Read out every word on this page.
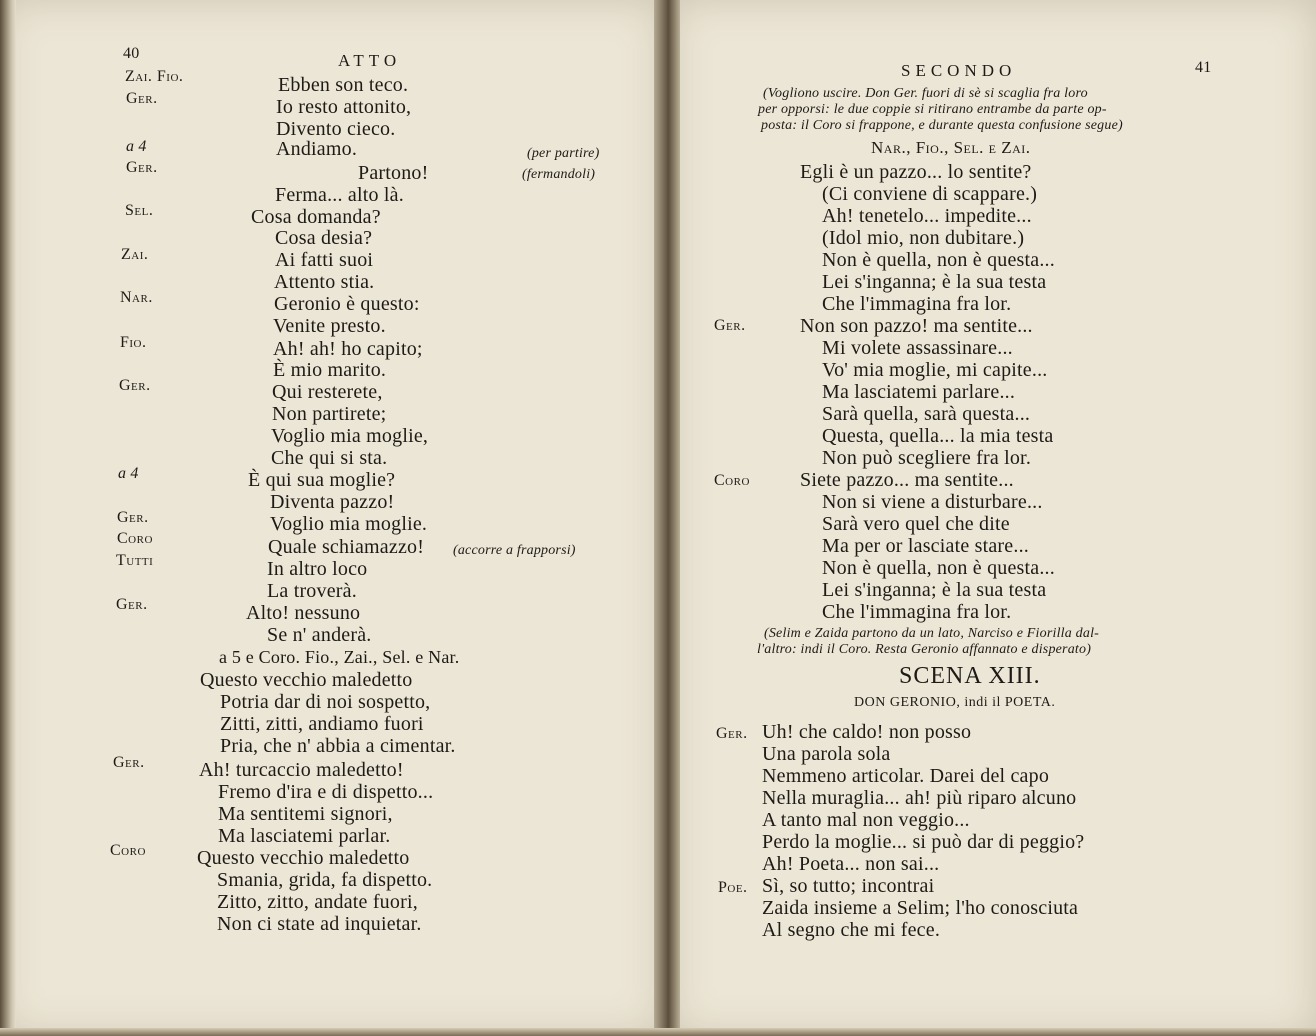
40	ATTO
Zai. Fio.	Ebben son teco.
Ger.	Io resto attonito,
Divento cieco.
a 4	Andiamo.	(per partire)
Ger.	Partono!	(fermandoli)
Ferma... alto là.
Sel.	Cosa domanda?
Cosa desia?
Zai.	Ai fatti suoi
Attento stia.
Nar.	Geronio è questo:
Venite presto.
Fio.	Ah! ah! ho capito;
È mio marito.
Ger.	Qui resterete,
Non partirete;
Voglio mia moglie,
Che qui si sta.
a 4	È qui sua moglie?
Diventa pazzo!
Ger.	Voglio mia moglie.
Coro	Quale schiamazzo! (accorre a frapporsi)
Tutti	In altro loco
La troverà.
Ger.	Alto! nessuno
Se n' anderà.
a 5 e Coro. Fio., Zai., Sel. e Nar.
Questo vecchio maledetto
Potria dar di noi sospetto,
Zitti, zitti, andiamo fuori
Pria, che n' abbia a cimentar.
Ger.	Ah! turcaccio maledetto!
Fremo d'ira e di dispetto...
Ma sentitemi signori,
Ma lasciatemi parlar.
Coro	Questo vecchio maledetto
Smania, grida, fa dispetto.
Zitto, zitto, andate fuori,
Non ci state ad inquietar.
SECONDO	41
(Vogliono uscire. Don Ger. fuori di sè si scaglia fra loro
per opporsi: le due coppie si ritirano entrambe da parte op-
posta: il Coro si frappone, e durante questa confusione segue)
Nar., Fio., Sel. e Zai.
Egli è un pazzo... lo sentite?
(Ci conviene di scappare.)
Ah! tenetelo... impedite...
(Idol mio, non dubitare.)
Non è quella, non è questa...
Lei s'inganna; è la sua testa
Che l'immagina fra lor.
Ger.	Non son pazzo! ma sentite...
Mi volete assassinare...
Vo' mia moglie, mi capite...
Ma lasciatemi parlare...
Sarà quella, sarà questa...
Questa, quella... la mia testa
Non può scegliere fra lor.
Coro	Siete pazzo... ma sentite...
Non si viene a disturbare...
Sarà vero quel che dite
Ma per or lasciate stare...
Non è quella, non è questa...
Lei s'inganna; è la sua testa
Che l'immagina fra lor.
(Selim e Zaida partono da un lato, Narciso e Fiorilla dal-
l'altro: indi il Coro. Resta Geronio affannato e disperato)
SCENA XIII.
DON GERONIO, indi il POETA.
Ger. Uh! che caldo! non posso
Una parola sola
Nemmeno articolar. Darei del capo
Nella muraglia... ah! più riparo alcuno
A tanto mal non veggio...
Perdo la moglie... si può dar di peggio?
Ah! Poeta... non sai...
Poe. Sì, so tutto; incontrai
Zaida insieme a Selim; l'ho conosciuta
Al segno che mi fece.
